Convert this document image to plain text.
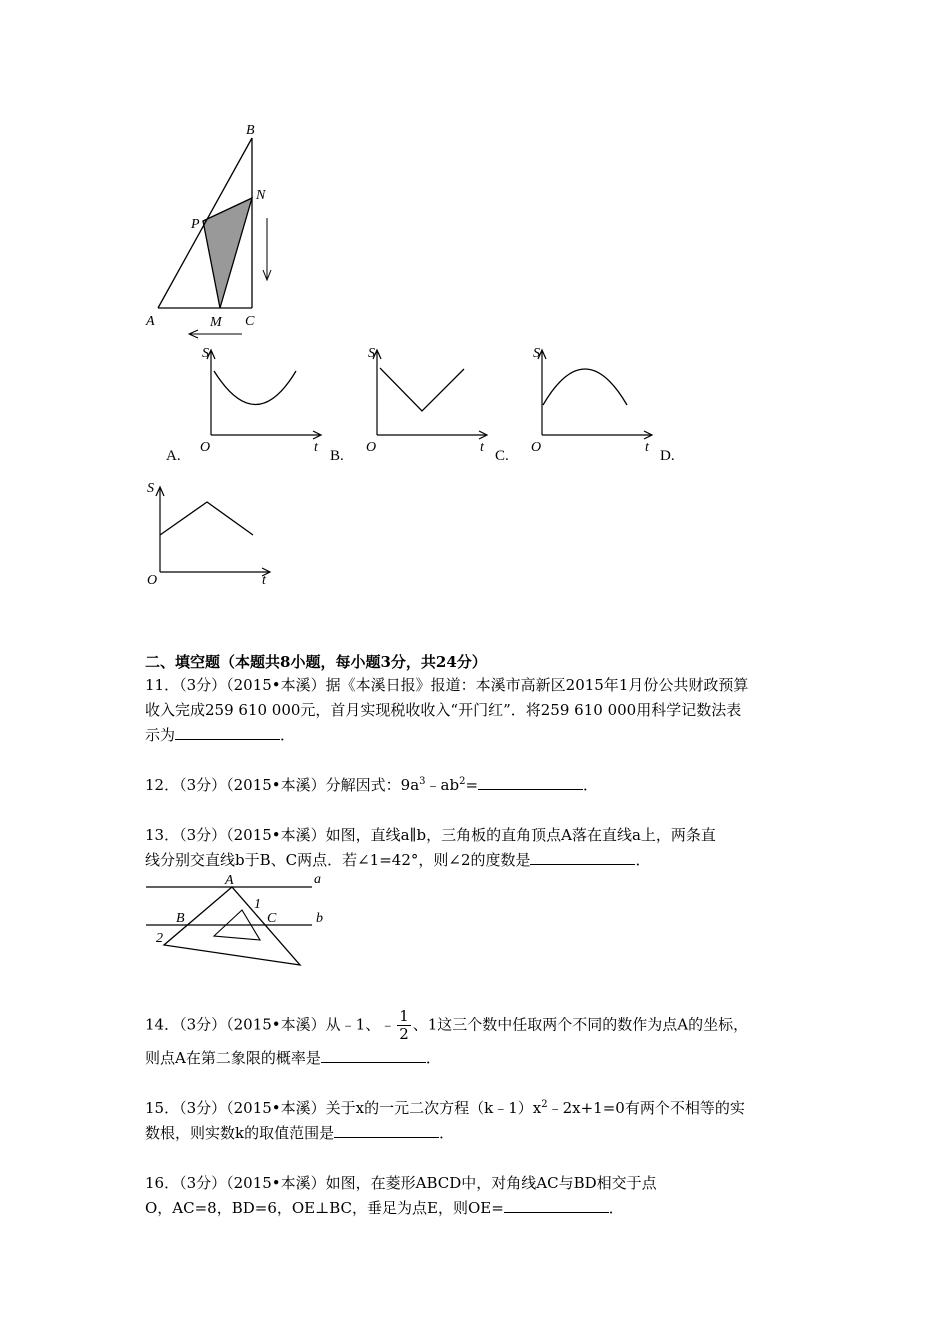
B
N
P
A	M C
S
t
O
A.
S
t
O
B.
S
t
O
C.	D.
S
t
O
二、填空题（本题共8小题，每小题3分，共24分）
11．（3分）（2015•本溪）据《本溪日报》报道：本溪市高新区2015年1月份公共财政预算
收入完成259 610 000元，首月实现税收收入“开门红”．将259 610 000用科学记数法表
示为	．
12．（3分）（2015•本溪）分解因式：$9a^3﹣ab^2=$	．
13．（3分）（2015•本溪）如图，直线a∥b，三角板的直角顶点A落在直线a上，两条直
线分别交直线b于B、C两点．若∠1=42°，则∠2的度数是	．
A	a
1
B	C	b
2
14．（3分）（2015•本溪）从﹣1、﹣ $\frac{1}{2}$ 、1这三个数中任取两个不同的数作为点A的坐标，
则点A在第二象限的概率是	．
15．（3分）（2015•本溪）关于x的一元二次方程$(k﹣1)x^2﹣2x+1=0$有两个不相等的实
数根，则实数k的取值范围是	．
16．（3分）（2015•本溪）如图，在菱形ABCD中，对角线AC与BD相交于点
O，AC=8，BD=6，OE⊥BC，垂足为点E，则OE=	．
